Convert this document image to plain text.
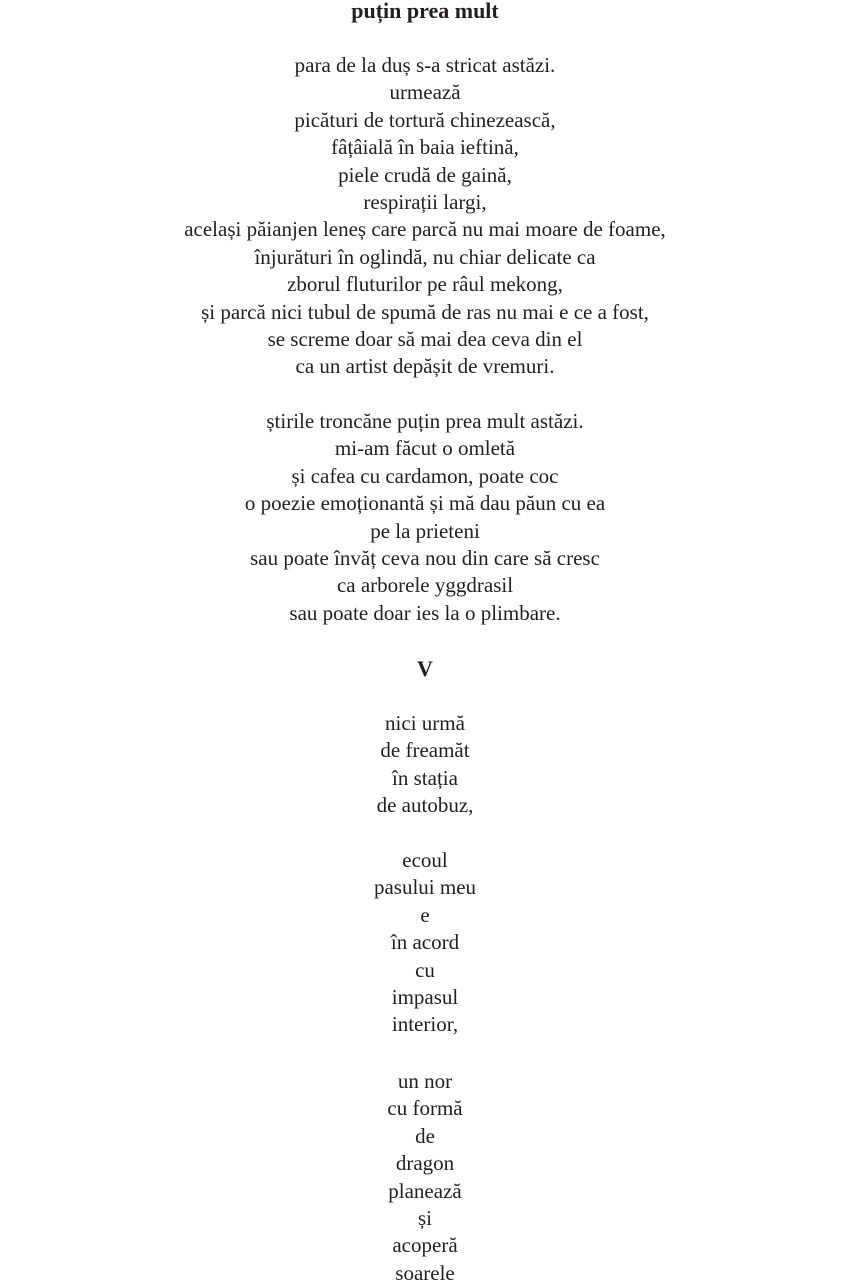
puțin prea mult
para de la duș s-a stricat astăzi.
urmează
picături de tortură chinezească,
fâțâială în baia ieftină,
piele crudă de gaină,
respirații largi,
același păianjen leneș care parcă nu mai moare de foame,
înjurături în oglindă, nu chiar delicate ca
zborul fluturilor pe râul mekong,
și parcă nici tubul de spumă de ras nu mai e ce a fost,
se screme doar să mai dea ceva din el
ca un artist depășit de vremuri.
știrile troncăne puțin prea mult astăzi.
mi-am făcut o omletă
și cafea cu cardamon, poate coc
o poezie emoționantă și mă dau păun cu ea
pe la prieteni
sau poate învăț ceva nou din care să cresc
ca arborele yggdrasil
sau poate doar ies la o plimbare.
V
nici urmă
de freamăt
în stația
de autobuz,
ecoul
pasului meu
e
în acord
cu
impasul
interior,
un nor
cu formă
de
dragon
planează
și
acoperă
soarele
